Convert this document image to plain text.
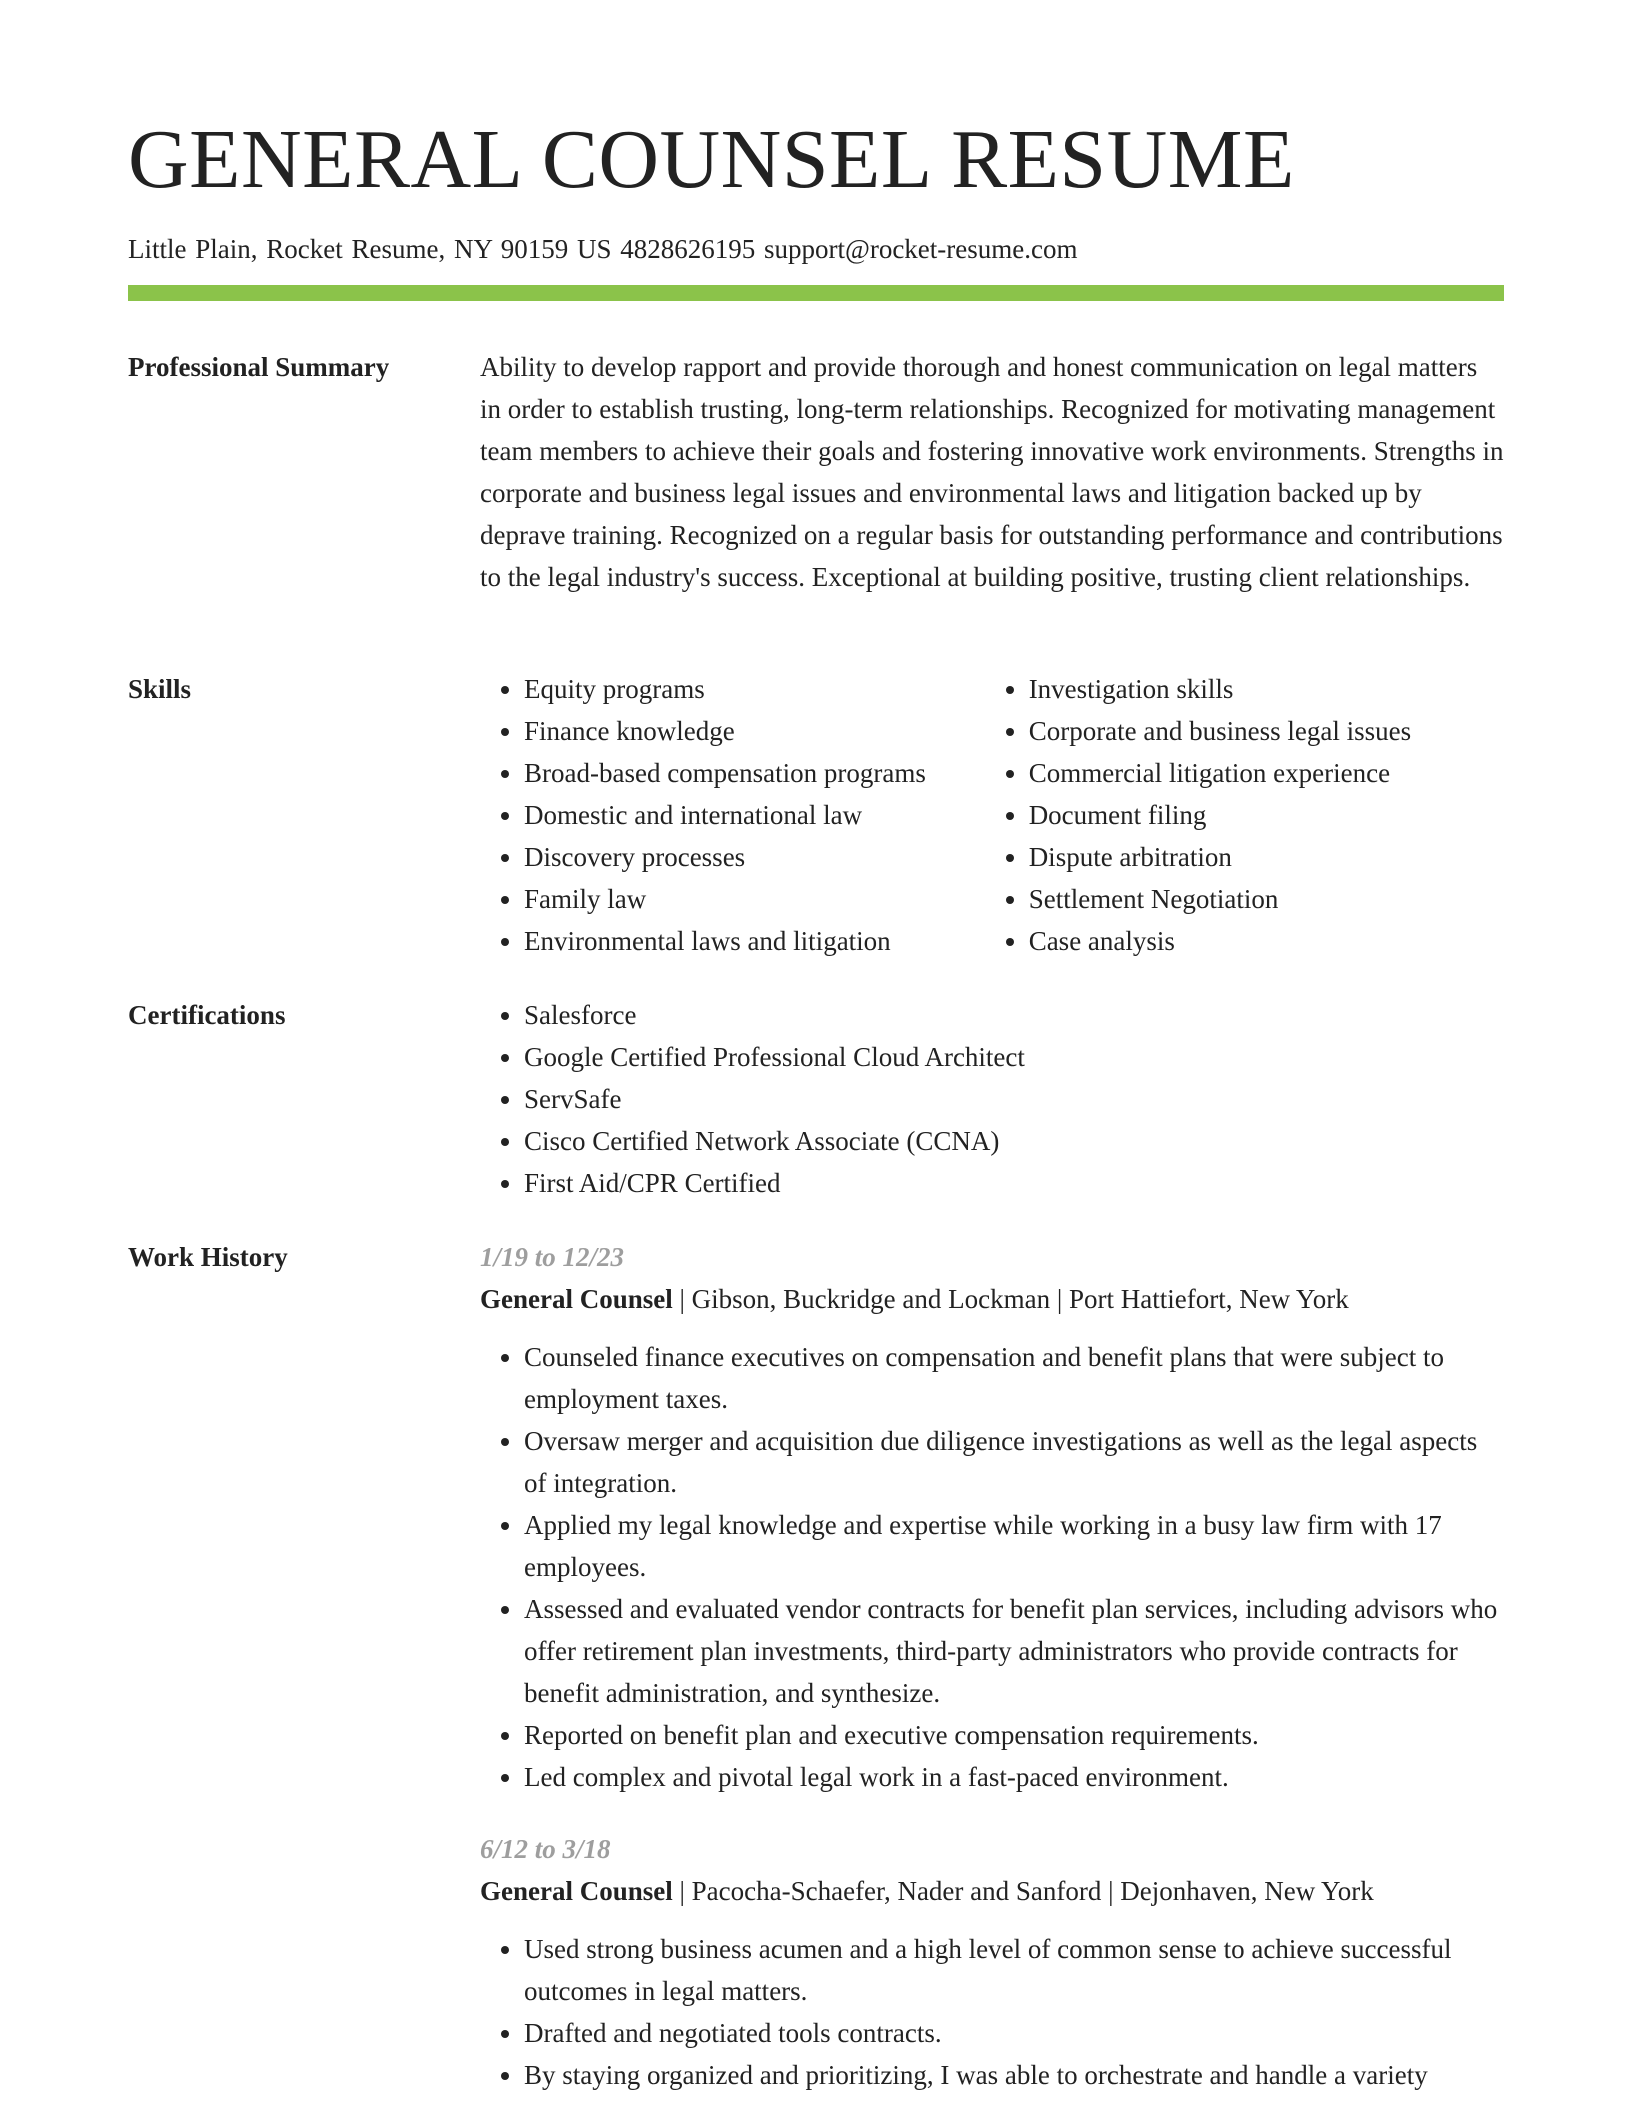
GENERAL COUNSEL RESUME
Little Plain, Rocket Resume, NY 90159 US 4828626195 support@rocket-resume.com
Professional Summary	Ability to develop rapport and provide thorough and honest communication on legal matters in order to establish trusting, long-term relationships. Recognized for motivating management team members to achieve their goals and fostering innovative work environments. Strengths in corporate and business legal issues and environmental laws and litigation backed up by deprave training. Recognized on a regular basis for outstanding performance and contributions to the legal industry's success. Exceptional at building positive, trusting client relationships.

Skills	• Equity programs
• Finance knowledge
• Broad-based compensation programs
• Domestic and international law
• Discovery processes
• Family law
• Environmental laws and litigation
• Investigation skills
• Corporate and business legal issues
• Commercial litigation experience
• Document filing
• Dispute arbitration
• Settlement Negotiation
• Case analysis
Certifications	• Salesforce
• Google Certified Professional Cloud Architect
• ServSafe
• Cisco Certified Network Associate (CCNA)
• First Aid/CPR Certified
Work History	1/19 to 12/23
General Counsel | Gibson, Buckridge and Lockman | Port Hattiefort, New York
• Counseled finance executives on compensation and benefit plans that were subject to employment taxes.
• Oversaw merger and acquisition due diligence investigations as well as the legal aspects of integration.
• Applied my legal knowledge and expertise while working in a busy law firm with 17 employees.
• Assessed and evaluated vendor contracts for benefit plan services, including advisors who offer retirement plan investments, third-party administrators who provide contracts for benefit administration, and synthesize.
• Reported on benefit plan and executive compensation requirements.
• Led complex and pivotal legal work in a fast-paced environment.
6/12 to 3/18
General Counsel | Pacocha-Schaefer, Nader and Sanford | Dejonhaven, New York
• Used strong business acumen and a high level of common sense to achieve successful outcomes in legal matters.
• Drafted and negotiated tools contracts.
• By staying organized and prioritizing, I was able to orchestrate and handle a variety
